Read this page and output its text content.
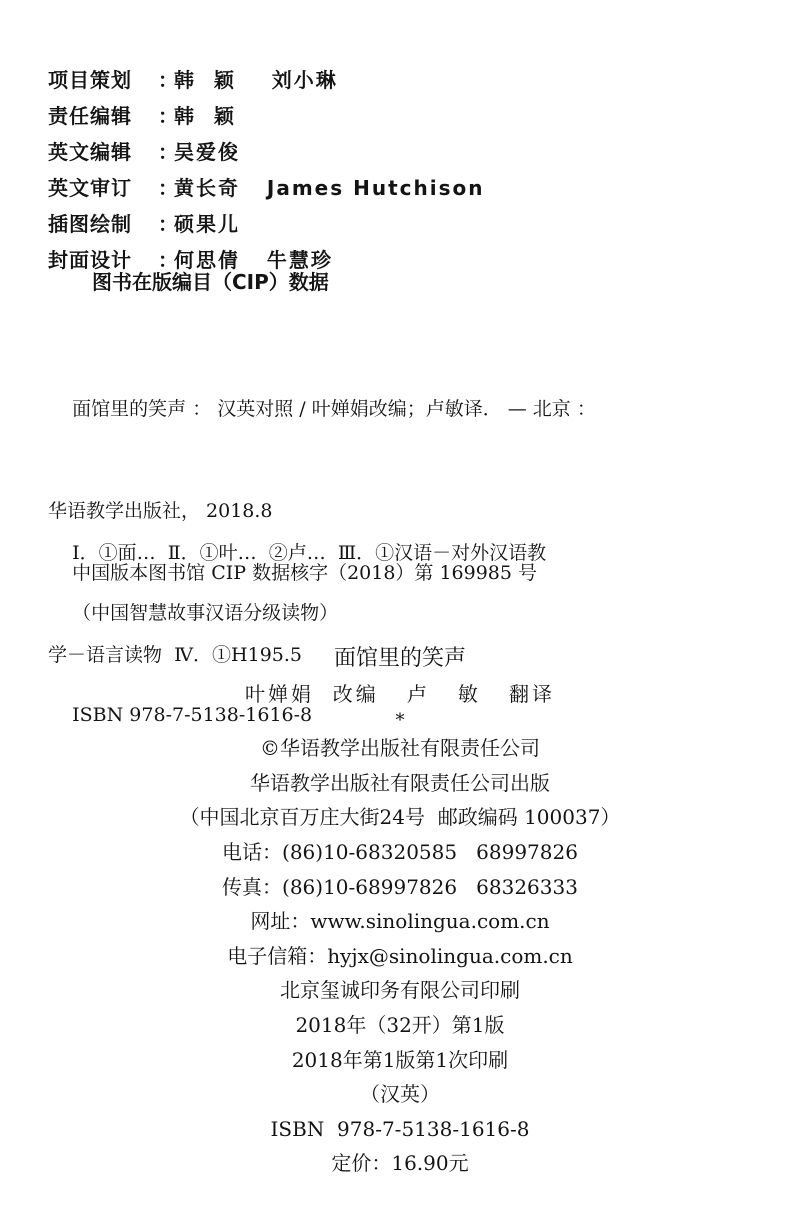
项目策划	：
韩  颖    刘小琳
责任编辑	：
韩  颖
英文编辑	：
吴爱俊
英文审订	：
黄长奇   James Hutchison
插图绘制	：
硕果儿
封面设计	：
何思倩   牛慧珍
图书在版编目（CIP）数据

面馆里的笑声 ： 汉英对照 / 叶婵娟改编；卢敏译． — 北京 ：

华语教学出版社， 2018.8

（中国智慧故事汉语分级读物）

ISBN 978-7-5138-1616-8

Ⅰ．①面…  Ⅱ．①叶…  ②卢…  Ⅲ．①汉语－对外汉语教

学－语言读物  Ⅳ．①H195.5

中国版本图书馆 CIP 数据核字（2018）第 169985 号
面馆里的笑声
叶婵娟  改编   卢   敏   翻译
*
©华语教学出版社有限责任公司
华语教学出版社有限责任公司出版
（中国北京百万庄大街24号  邮政编码 100037）
电话：(86)10-68320585   68997826
传真：(86)10-68997826   68326333
网址：www.sinolingua.com.cn
电子信箱：hyjx@sinolingua.com.cn
北京玺诚印务有限公司印刷
2018年（32开）第1版
2018年第1版第1次印刷
（汉英）
ISBN  978-7-5138-1616-8
定价：16.90元
